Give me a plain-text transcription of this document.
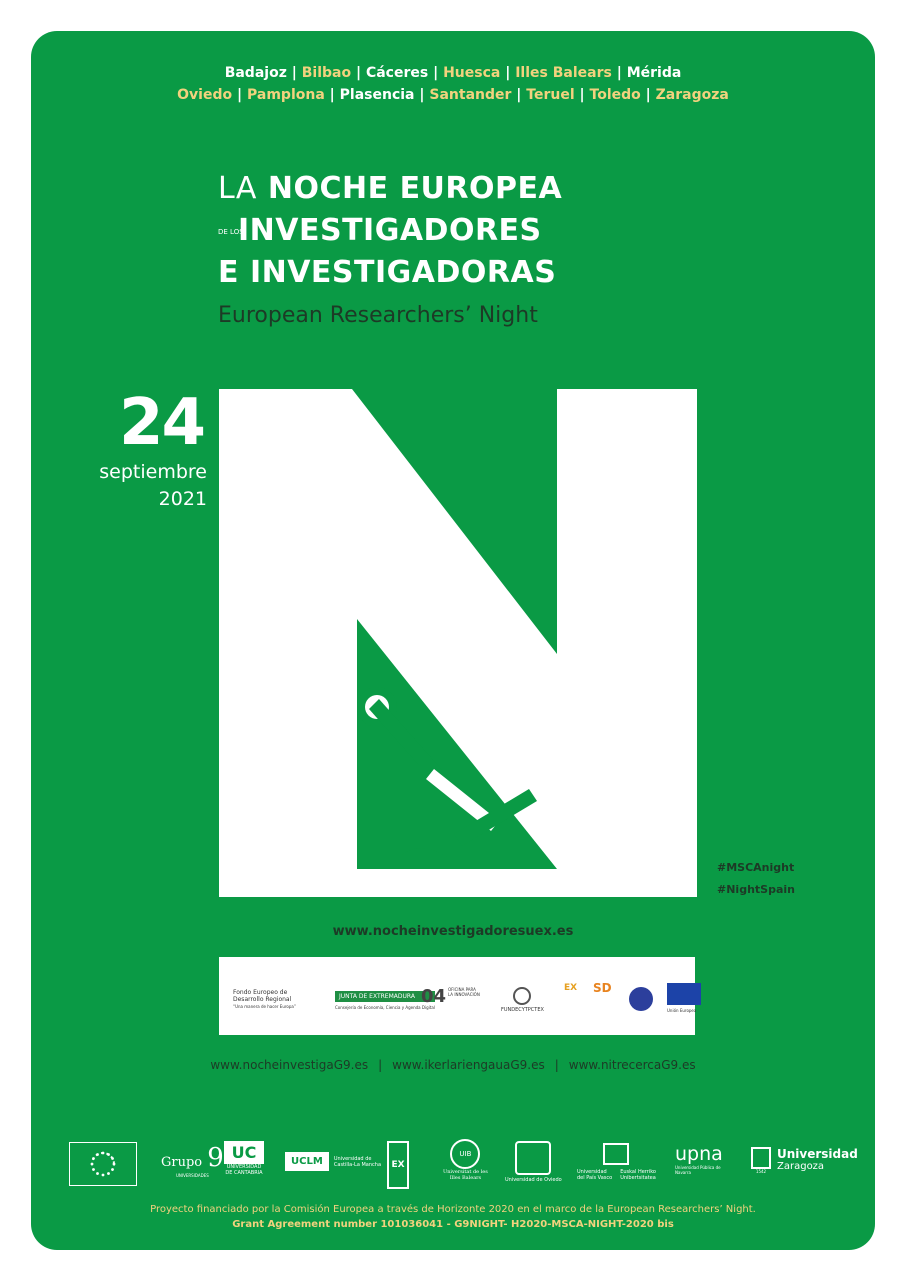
Badajoz | Bilbao | Cáceres | Huesca | Illes Balears | Mérida
Oviedo | Pamplona | Plasencia | Santander | Teruel | Toledo | Zaragoza
LA NOCHE EUROPEA
DE LOSINVESTIGADORES
E INVESTIGADORAS
European Researchers’ Night
24
septiembre
2021
#MSCAnight
#NightSpain
www.nocheinvestigadoresuex.es
Fondo Europeo de
Desarrollo Regional
“Una manera de hacer Europa”
JUNTA DE EXTREMADURA
Consejería de Economía, Ciencia y Agenda Digital
04 OFICINA PARA LA INNOVACIÓN
FUNDECYTPCTEX
EX SD
Unión Europea
www.nocheinvestigaG9.es | www.ikerlariengauaG9.es | www.nitrecercaG9.es
Grupo 9
UNIVERSIDADES
UC
UNIVERSIDAD
DE CANTABRIA
UCLM Universidad de Castilla-La Mancha	EX
UIB
Universitat de les
Illes Balears	Universidad de Oviedo
Universidad
del País Vasco
Euskal Herriko
Unibertsitatea
upna
Universidad Pública de Navarra	1542
Universidad
Zaragoza
Proyecto financiado por la Comisión Europea a través de Horizonte 2020 en el marco de la European Researchers’ Night.
Grant Agreement number 101036041 - G9NIGHT- H2020-MSCA-NIGHT-2020 bis
